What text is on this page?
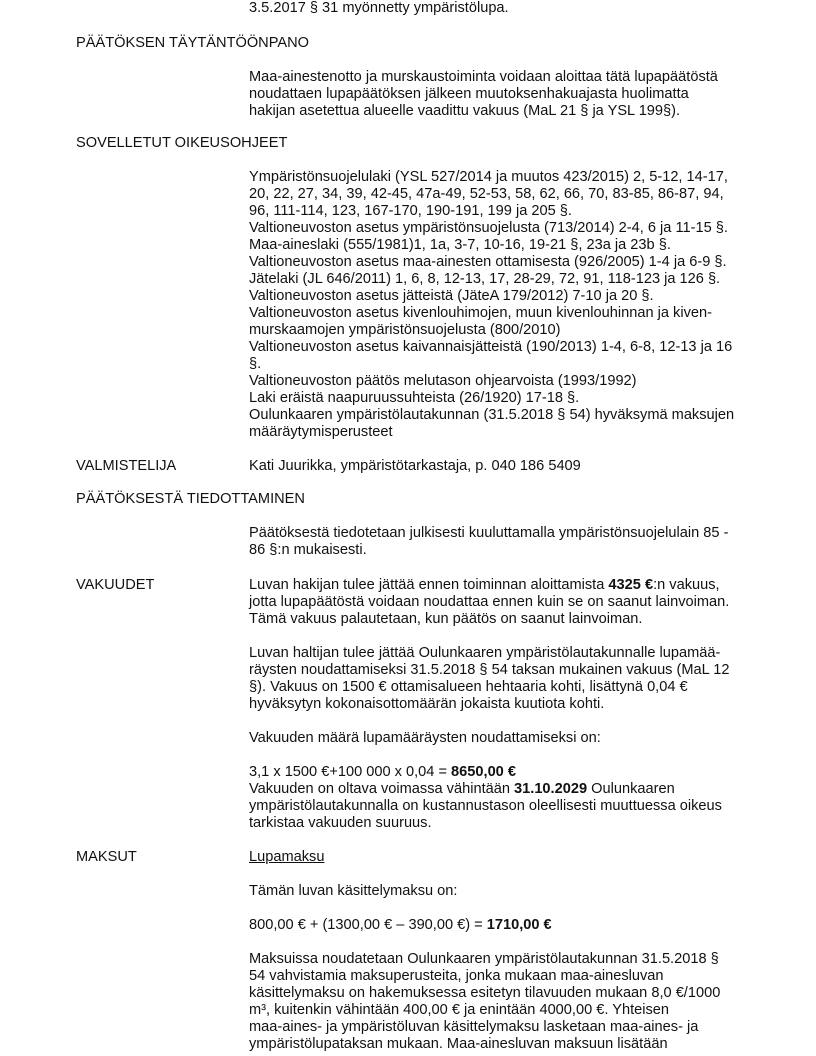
3.5.2017 § 31 myönnetty ympäristölupa.
PÄÄTÖKSEN TÄYTÄNTÖÖNPANO
Maa-ainestenotto ja murskaustoiminta voidaan aloittaa tätä lupapäätöstä
noudattaen lupapäätöksen jälkeen muutoksenhakuajasta huolimatta
hakijan asetettua alueelle vaadittu vakuus (MaL 21 § ja YSL 199§).
SOVELLETUT OIKEUSOHJEET
Ympäristönsuojelulaki (YSL 527/2014 ja muutos 423/2015) 2, 5-12, 14-17,
20, 22, 27, 34, 39, 42-45, 47a-49, 52-53, 58, 62, 66, 70, 83-85, 86-87, 94,
96, 111-114, 123, 167-170, 190-191, 199 ja 205 §.
Valtioneuvoston asetus ympäristönsuojelusta (713/2014) 2-4, 6 ja 11-15 §.
Maa-aineslaki (555/1981)1, 1a, 3-7, 10-16, 19-21 §, 23a ja 23b §.
Valtioneuvoston asetus maa-ainesten ottamisesta (926/2005) 1-4 ja 6-9 §.
Jätelaki (JL 646/2011) 1, 6, 8, 12-13, 17, 28-29, 72, 91, 118-123 ja 126 §.
Valtioneuvoston asetus jätteistä (JäteA 179/2012) 7-10 ja 20 §.
Valtioneuvoston asetus kivenlouhimojen, muun kivenlouhinnan ja kiven-
murskaamojen ympäristönsuojelusta (800/2010)
Valtioneuvoston asetus kaivannaisjätteistä (190/2013) 1-4, 6-8, 12-13 ja 16
§.
Valtioneuvoston päätös melutason ohjearvoista (1993/1992)
Laki eräistä naapuruussuhteista (26/1920) 17-18 §.
Oulunkaaren ympäristölautakunnan (31.5.2018 § 54) hyväksymä maksujen
määräytymisperusteet
VALMISTELIJA	Kati Juurikka, ympäristötarkastaja, p. 040 186 5409
PÄÄTÖKSESTÄ TIEDOTTAMINEN
Päätöksestä tiedotetaan julkisesti kuuluttamalla ympäristönsuojelulain 85 -
86 §:n mukaisesti.
VAKUUDET	Luvan hakijan tulee jättää ennen toiminnan aloittamista 4325 €:n vakuus,
jotta lupapäätöstä voidaan noudattaa ennen kuin se on saanut lainvoiman.
Tämä vakuus palautetaan, kun päätös on saanut lainvoiman.
Luvan haltijan tulee jättää Oulunkaaren ympäristölautakunnalle lupamää-
räysten noudattamiseksi 31.5.2018 § 54 taksan mukainen vakuus (MaL 12
§). Vakuus on 1500 € ottamisalueen hehtaaria kohti, lisättynä 0,04 €
hyväksytyn kokonaisottomäärän jokaista kuutiota kohti.
Vakuuden määrä lupamääräysten noudattamiseksi on:
3,1 x 1500 €+100 000 x 0,04 = 8650,00 €
Vakuuden on oltava voimassa vähintään 31.10.2029 Oulunkaaren
ympäristölautakunnalla on kustannustason oleellisesti muuttuessa oikeus
tarkistaa vakuuden suuruus.
MAKSUT	Lupamaksu
Tämän luvan käsittelymaksu on:
800,00 € + (1300,00 € – 390,00 €) = 1710,00 €
Maksuissa noudatetaan Oulunkaaren ympäristölautakunnan 31.5.2018 §
54 vahvistamia maksuperusteita, jonka mukaan maa-ainesluvan
käsittelymaksu on hakemuksessa esitetyn tilavuuden mukaan 8,0 €/1000
m³, kuitenkin vähintään 400,00 € ja enintään 4000,00 €. Yhteisen
maa-aines- ja ympäristöluvan käsittelymaksu lasketaan maa-aines- ja
ympäristölupataksan mukaan. Maa-ainesluvan maksuun lisätään
